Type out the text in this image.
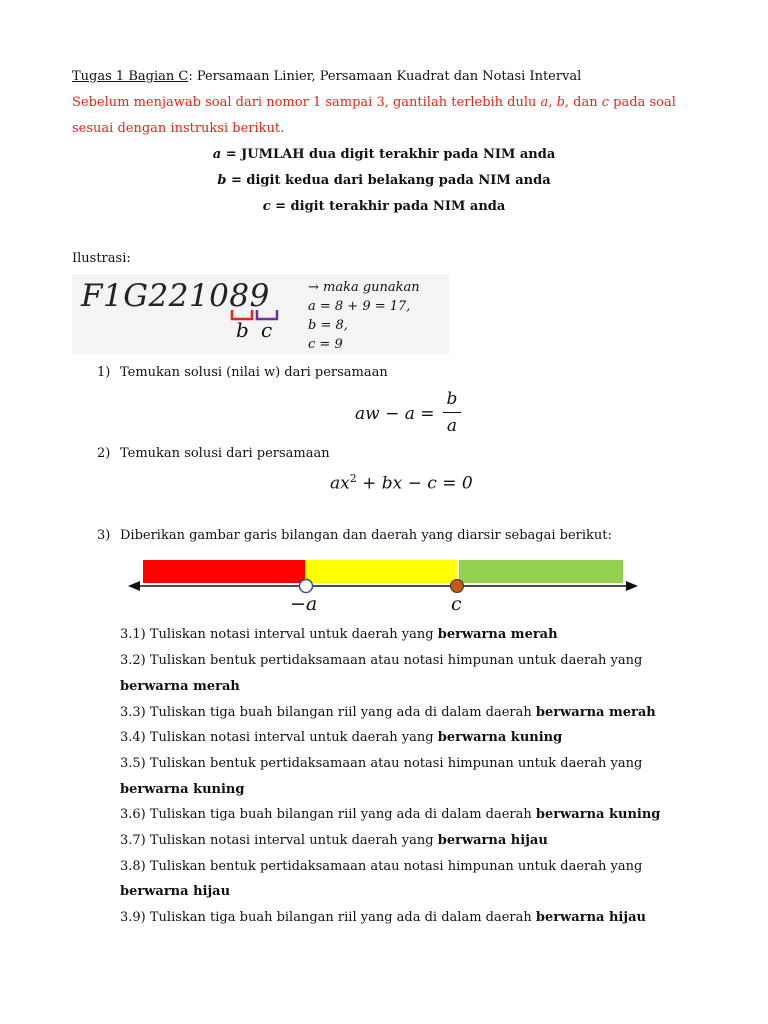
Tugas 1 Bagian C: Persamaan Linier, Persamaan Kuadrat dan Notasi Interval
Sebelum menjawab soal dari nomor 1 sampai 3, gantilah terlebih dulu a, b, dan c pada soal
sesuai dengan instruksi berikut.
a = JUMLAH dua digit terakhir pada NIM anda
b = digit kedua dari belakang pada NIM anda
c = digit terakhir pada NIM anda
Ilustrasi:
F1G221089
b c
→ maka gunakan
a = 8 + 9 = 17,
b = 8,
c = 9
1) Temukan solusi (nilai w) dari persamaan
aw − a =
b
a
2) Temukan solusi dari persamaan
$ax^2$ + bx − c = 0
3) Diberikan gambar garis bilangan dan daerah yang diarsir sebagai berikut:
−a	c
3.1) Tuliskan notasi interval untuk daerah yang berwarna merah
3.2) Tuliskan bentuk pertidaksamaan atau notasi himpunan untuk daerah yang
berwarna merah
3.3) Tuliskan tiga buah bilangan riil yang ada di dalam daerah berwarna merah
3.4) Tuliskan notasi interval untuk daerah yang berwarna kuning
3.5) Tuliskan bentuk pertidaksamaan atau notasi himpunan untuk daerah yang
berwarna kuning
3.6) Tuliskan tiga buah bilangan riil yang ada di dalam daerah berwarna kuning
3.7) Tuliskan notasi interval untuk daerah yang berwarna hijau
3.8) Tuliskan bentuk pertidaksamaan atau notasi himpunan untuk daerah yang
berwarna hijau
3.9) Tuliskan tiga buah bilangan riil yang ada di dalam daerah berwarna hijau
